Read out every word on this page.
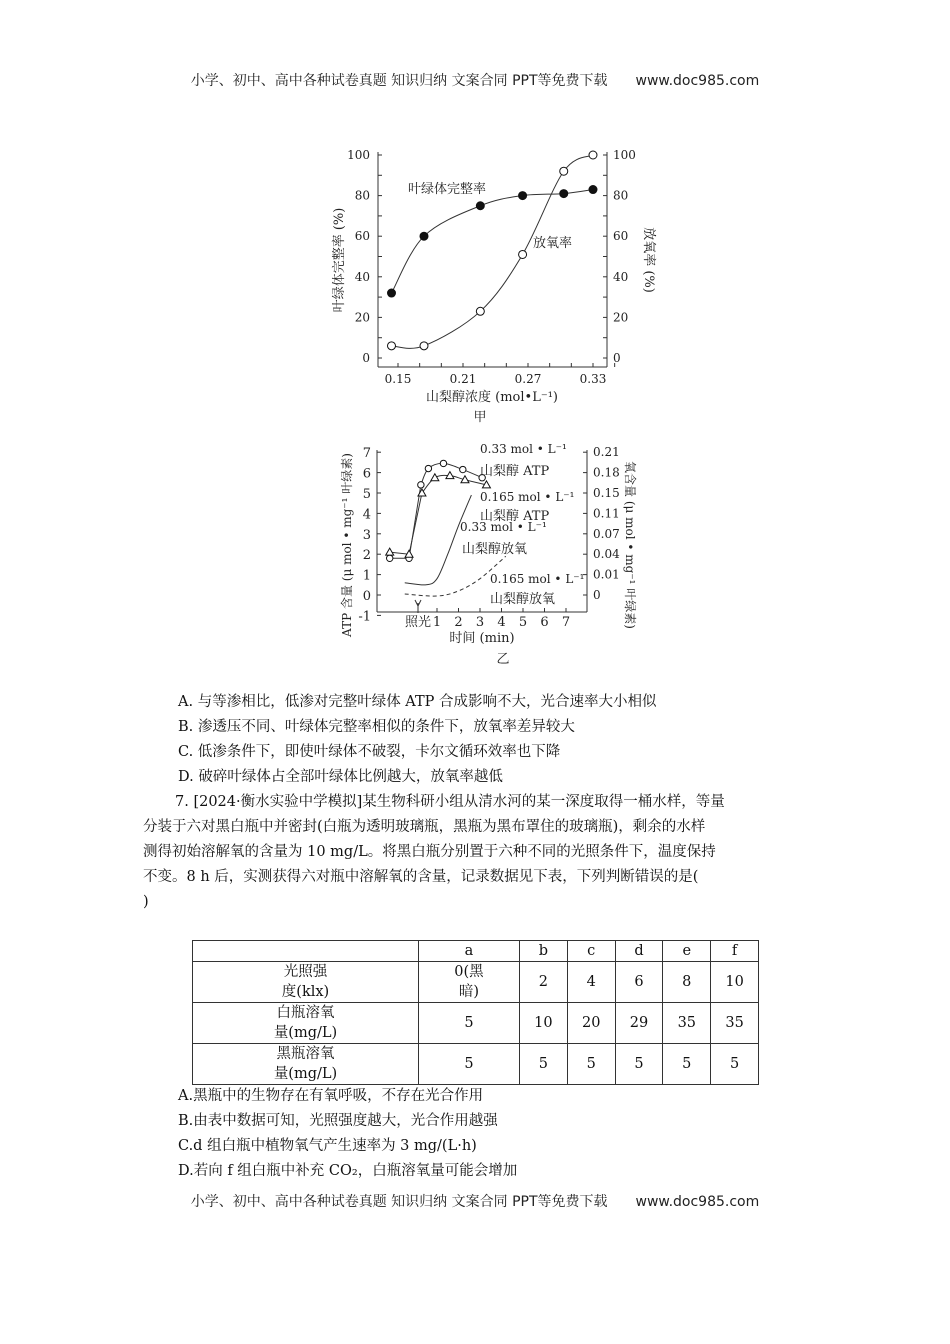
小学、初中、高中各种试卷真题 知识归纳 文案合同 PPT等免费下载 www.doc985.com
0	0
20	20
40	40
60	60
80	80
100	100
0.15	0.21	0.27	0.33
山梨醇浓度 (mol•L⁻¹)
甲
叶绿体完整率 (%)	放氧率 (%)
叶绿体完整率
放氧率
-1
0
1
2
3
4
5
6
7
0
0.01
0.04
0.07
0.11
0.15
0.18
0.21
1 2 3 4 5 6 7
照光
时间 (min)
乙
ATP 含量 (μ mol • mg⁻¹ 叶绿素)	氧含量 (μ mol • mg⁻¹ 叶绿素)
0.33 mol • L⁻¹
山梨醇 ATP
0.165 mol • L⁻¹
山梨醇 ATP
0.33 mol • L⁻¹
山梨醇放氧
0.165 mol • L⁻¹
山梨醇放氧
A. 与等渗相比，低渗对完整叶绿体 ATP 合成影响不大，光合速率大小相似
B. 渗透压不同、叶绿体完整率相似的条件下，放氧率差异较大
C. 低渗条件下，即使叶绿体不破裂，卡尔文循环效率也下降
D. 破碎叶绿体占全部叶绿体比例越大，放氧率越低
7. [2024·衡水实验中学模拟]某生物科研小组从清水河的某一深度取得一桶水样，等量
分装于六对黑白瓶中并密封(白瓶为透明玻璃瓶，黑瓶为黑布罩住的玻璃瓶)，剩余的水样
测得初始溶解氧的含量为 10 mg/L。将黑白瓶分别置于六种不同的光照条件下，温度保持
不变。8 h 后，实测获得六对瓶中溶解氧的含量，记录数据见下表，下列判断错误的是(
)
	a	b	c	d	e	f
光照强
度(klx)	0(黑
暗)	2	4	6	8	10
白瓶溶氧
量(mg/L)	5	10	20	29	35	35
黑瓶溶氧
量(mg/L)	5	5	5	5	5	5
A.黑瓶中的生物存在有氧呼吸，不存在光合作用
B.由表中数据可知，光照强度越大，光合作用越强
C.d 组白瓶中植物氧气产生速率为 3 mg/(L·h)
D.若向 f 组白瓶中补充 CO₂，白瓶溶氧量可能会增加
小学、初中、高中各种试卷真题 知识归纳 文案合同 PPT等免费下载 www.doc985.com
